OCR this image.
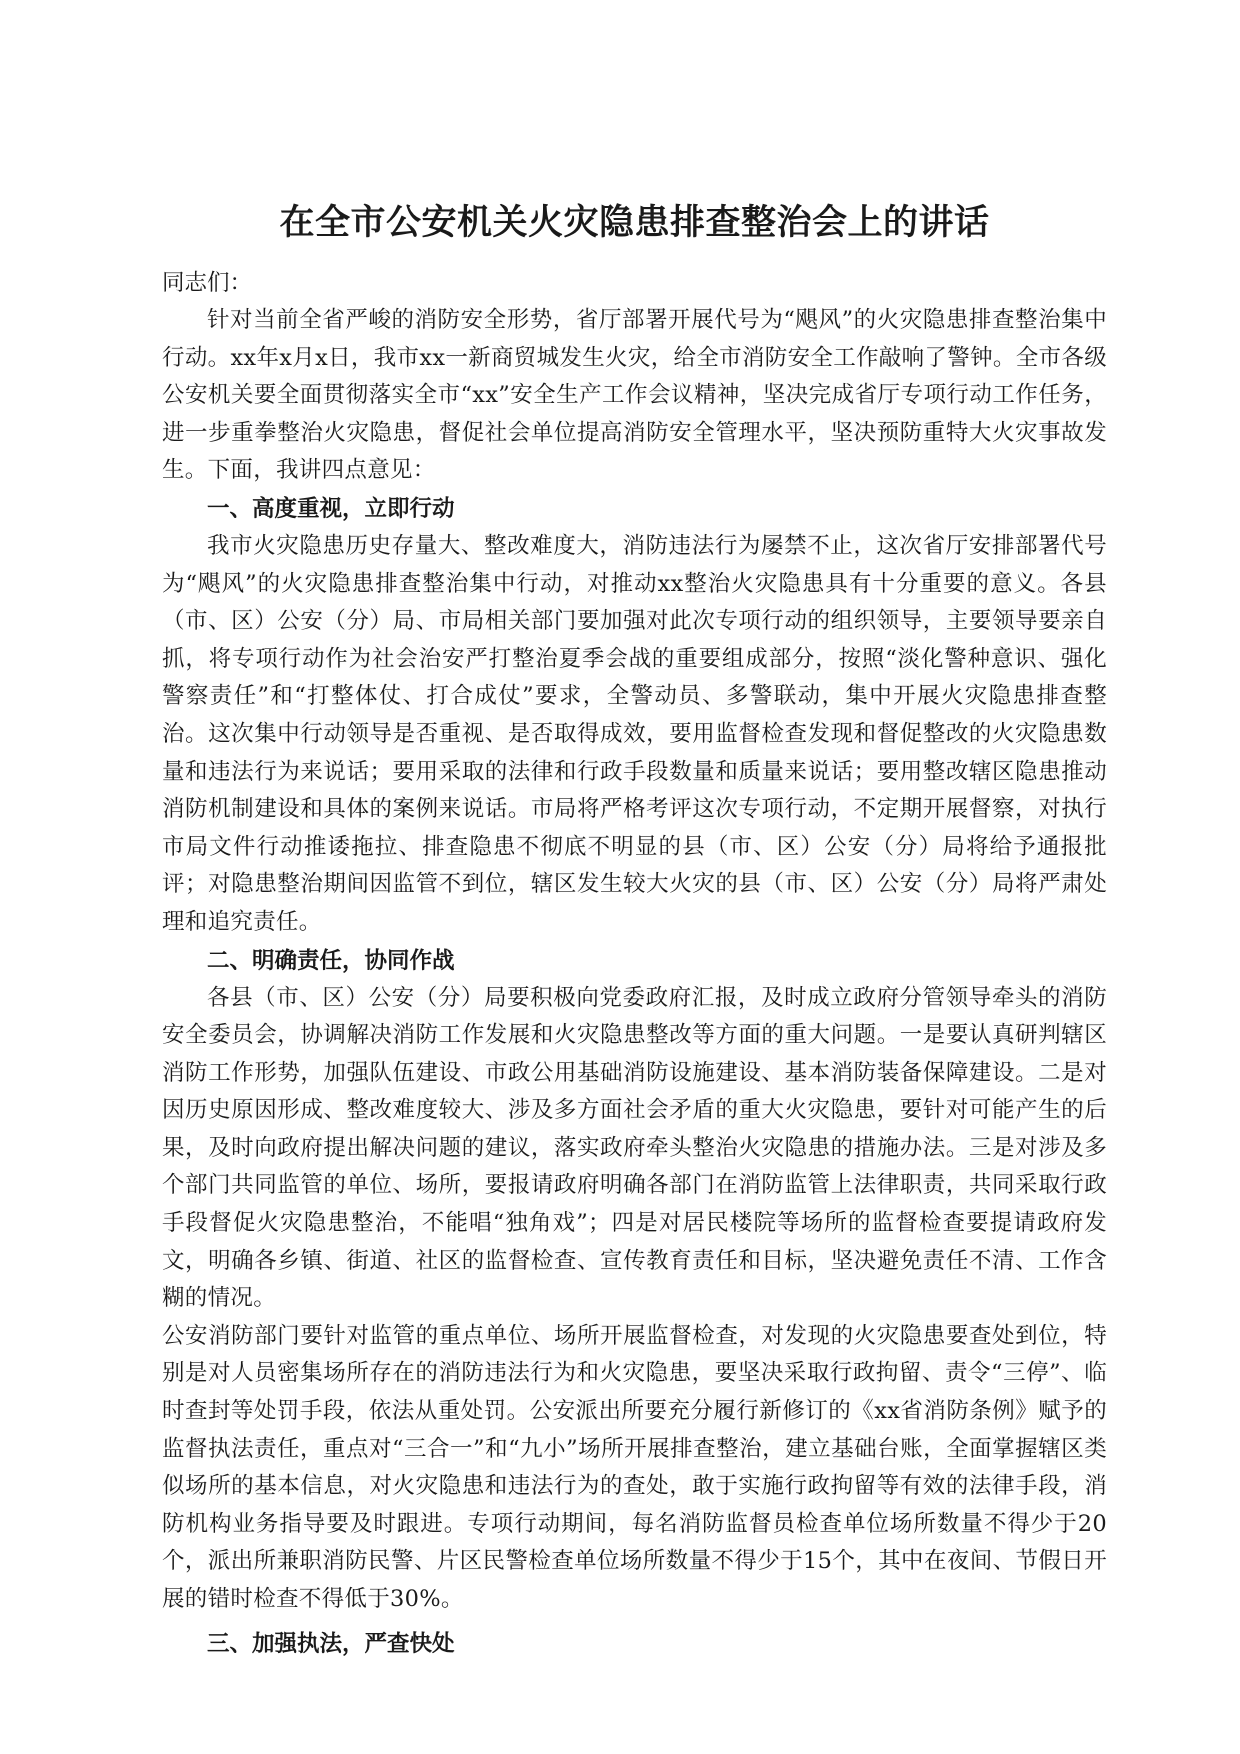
在全市公安机关火灾隐患排查整治会上的讲话

同志们：

针对当前全省严峻的消防安全形势，省厅部署开展代号为“飓风”的火灾隐患排查整治集中行动。xx年x月x日，我市xx一新商贸城发生火灾，给全市消防安全工作敲响了警钟。全市各级公安机关要全面贯彻落实全市“xx”安全生产工作会议精神，坚决完成省厅专项行动工作任务，进一步重拳整治火灾隐患，督促社会单位提高消防安全管理水平，坚决预防重特大火灾事故发生。下面，我讲四点意见：

一、高度重视，立即行动

我市火灾隐患历史存量大、整改难度大，消防违法行为屡禁不止，这次省厅安排部署代号为“飓风”的火灾隐患排查整治集中行动，对推动xx整治火灾隐患具有十分重要的意义。各县（市、区）公安（分）局、市局相关部门要加强对此次专项行动的组织领导，主要领导要亲自抓，将专项行动作为社会治安严打整治夏季会战的重要组成部分，按照“淡化警种意识、强化警察责任”和“打整体仗、打合成仗”要求，全警动员、多警联动，集中开展火灾隐患排查整治。这次集中行动领导是否重视、是否取得成效，要用监督检查发现和督促整改的火灾隐患数量和违法行为来说话；要用采取的法律和行政手段数量和质量来说话；要用整改辖区隐患推动消防机制建设和具体的案例来说话。市局将严格考评这次专项行动，不定期开展督察，对执行市局文件行动推诿拖拉、排查隐患不彻底不明显的县（市、区）公安（分）局将给予通报批评；对隐患整治期间因监管不到位，辖区发生较大火灾的县（市、区）公安（分）局将严肃处理和追究责任。

二、明确责任，协同作战

各县（市、区）公安（分）局要积极向党委政府汇报，及时成立政府分管领导牵头的消防安全委员会，协调解决消防工作发展和火灾隐患整改等方面的重大问题。一是要认真研判辖区消防工作形势，加强队伍建设、市政公用基础消防设施建设、基本消防装备保障建设。二是对因历史原因形成、整改难度较大、涉及多方面社会矛盾的重大火灾隐患，要针对可能产生的后果，及时向政府提出解决问题的建议，落实政府牵头整治火灾隐患的措施办法。三是对涉及多个部门共同监管的单位、场所，要报请政府明确各部门在消防监管上法律职责，共同采取行政手段督促火灾隐患整治，不能唱“独角戏”；四是对居民楼院等场所的监督检查要提请政府发文，明确各乡镇、街道、社区的监督检查、宣传教育责任和目标，坚决避免责任不清、工作含糊的情况。

公安消防部门要针对监管的重点单位、场所开展监督检查，对发现的火灾隐患要查处到位，特别是对人员密集场所存在的消防违法行为和火灾隐患，要坚决采取行政拘留、责令“三停”、临时查封等处罚手段，依法从重处罚。公安派出所要充分履行新修订的《xx省消防条例》赋予的监督执法责任，重点对“三合一”和“九小”场所开展排查整治，建立基础台账，全面掌握辖区类似场所的基本信息，对火灾隐患和违法行为的查处，敢于实施行政拘留等有效的法律手段，消防机构业务指导要及时跟进。专项行动期间，每名消防监督员检查单位场所数量不得少于20个，派出所兼职消防民警、片区民警检查单位场所数量不得少于15个，其中在夜间、节假日开展的错时检查不得低于30%。

三、加强执法，严查快处
